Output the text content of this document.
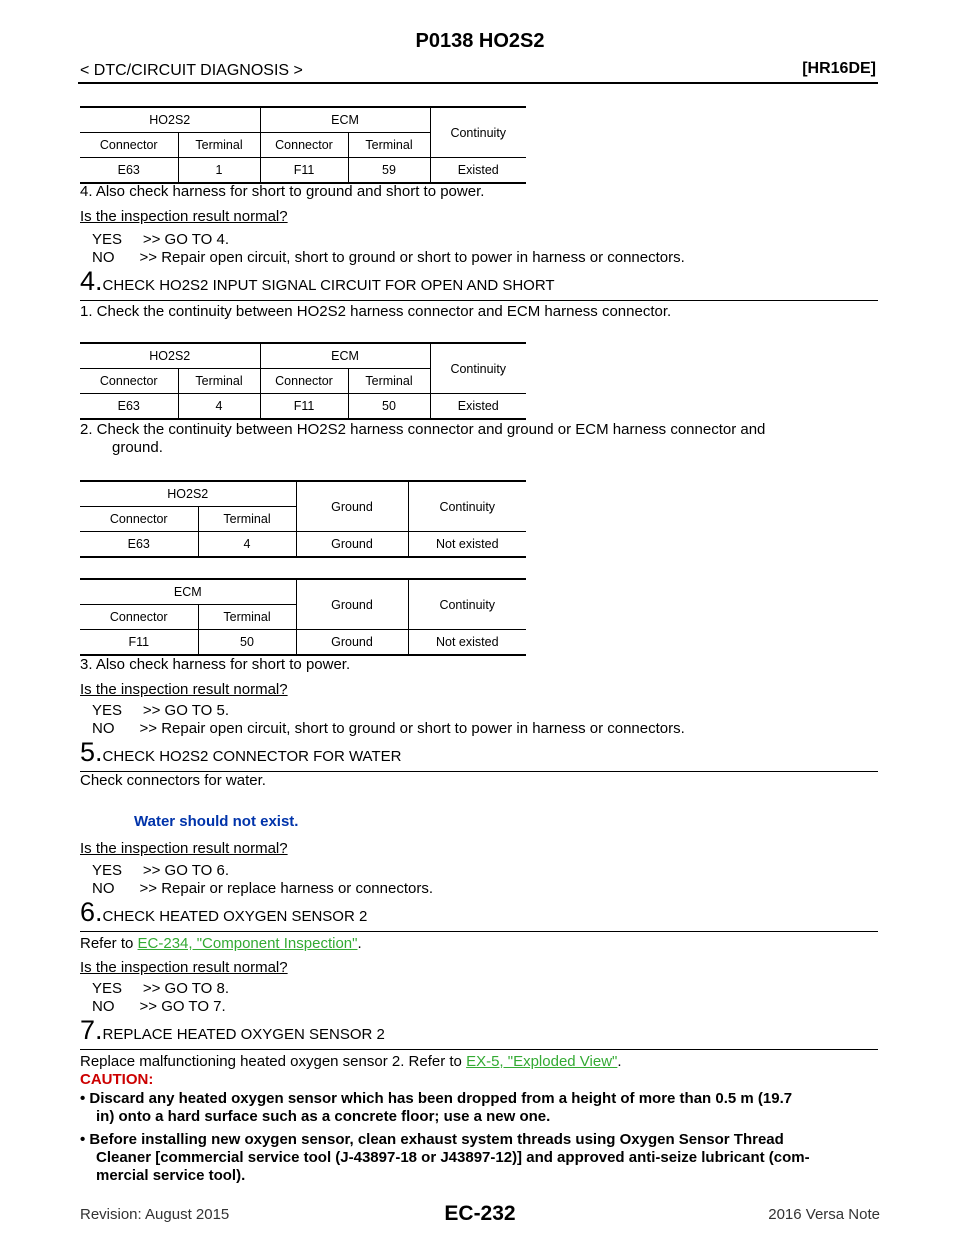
P0138 HO2S2
< DTC/CIRCUIT DIAGNOSIS >	[HR16DE]
HO2S2		ECM		Continuity
Connector	Terminal	Connector	Terminal	
E63	1	F11	59	Existed
4. Also check harness for short to ground and short to power.
Is the inspection result normal?
YES     >> GO TO 4.
NO      >> Repair open circuit, short to ground or short to power in harness or connectors.
4.CHECK HO2S2 INPUT SIGNAL CIRCUIT FOR OPEN AND SHORT
1. Check the continuity between HO2S2 harness connector and ECM harness connector.
HO2S2		ECM		Continuity
Connector	Terminal	Connector	Terminal	
E63	4	F11	50	Existed
2. Check the continuity between HO2S2 harness connector and ground or ECM harness connector and
ground.
HO2S2		Ground	Continuity
Connector	Terminal		
E63	4	Ground	Not existed
ECM		Ground	Continuity
Connector	Terminal		
F11	50	Ground	Not existed
3. Also check harness for short to power.
Is the inspection result normal?
YES     >> GO TO 5.
NO      >> Repair open circuit, short to ground or short to power in harness or connectors.
5.CHECK HO2S2 CONNECTOR FOR WATER
Check connectors for water.
Water should not exist.
Is the inspection result normal?
YES     >> GO TO 6.
NO      >> Repair or replace harness or connectors.
6.CHECK HEATED OXYGEN SENSOR 2
Refer to EC-234, "Component Inspection".
Is the inspection result normal?
YES     >> GO TO 8.
NO      >> GO TO 7.
7.REPLACE HEATED OXYGEN SENSOR 2
Replace malfunctioning heated oxygen sensor 2. Refer to EX-5, "Exploded View".
CAUTION:
• Discard any heated oxygen sensor which has been dropped from a height of more than 0.5 m (19.7
in) onto a hard surface such as a concrete floor; use a new one.
• Before installing new oxygen sensor, clean exhaust system threads using Oxygen Sensor Thread
Cleaner [commercial service tool (J-43897-18 or J43897-12)] and approved anti-seize lubricant (com-
mercial service tool).
Revision: August 2015	EC-232	2016 Versa Note
